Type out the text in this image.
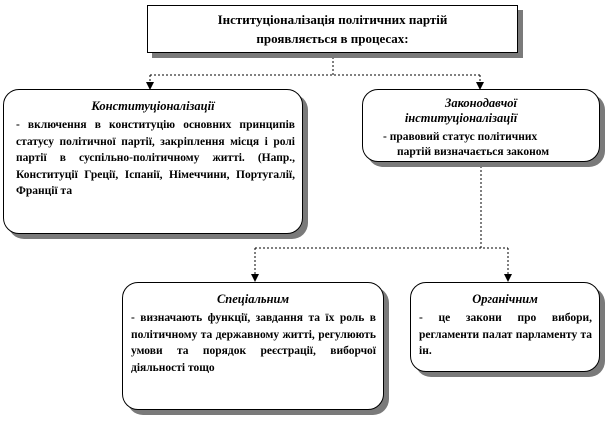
Інституціоналізація політичних партій
проявляється в процесах:
Конституціоналізації
- включення в конституцію основних принципів статусу політичної партії, закріплення місця і ролі партії в суспільно-політичному житті. (Напр., Конституції Греції, Іспанії, Німеччини, Португалії, Франції та
Законодавчої
інституціоналізації
- правовий статус політичних
партій визначається законом
Спеціальним
- визначають функції, завдання та їх роль в політичному та державному житті, регулюють умови та порядок реєстрації, виборчої діяльності тощо
Органічним
- це закони про вибори, регламенти палат парламенту та ін.
